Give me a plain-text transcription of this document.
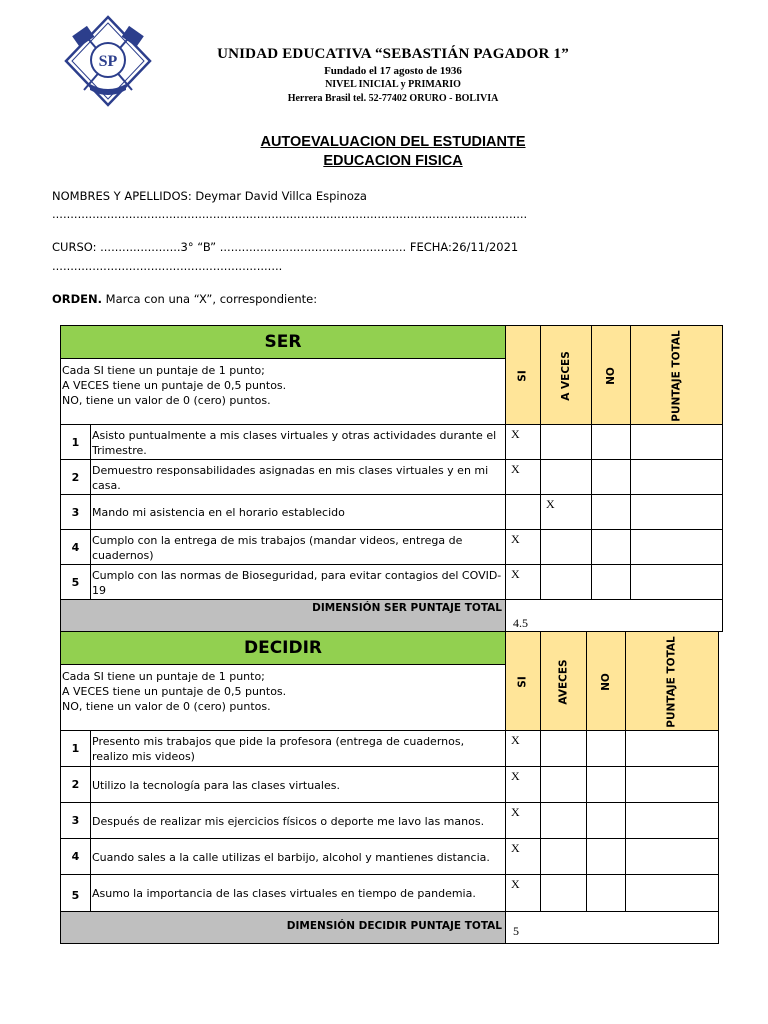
SP	UNIDAD EDUCATIVA “SEBASTIÁN PAGADOR 1”
Fundado el 17 agosto de 1936
NIVEL INICIAL y PRIMARIO
Herrera Brasil tel. 52-77402 ORURO - BOLIVIA
AUTOEVALUACION DEL ESTUDIANTE
EDUCACION FISICA
NOMBRES Y APELLIDOS: Deymar David Villca Espinoza
..................................................................................................................................
CURSO: ......................3° “B” ................................................... FECHA:26/11/2021
...............................................................
ORDEN. Marca con una “X”, correspondiente:
SER		SI	A VECES	NO	PUNTAJE TOTAL

Cada SI tiene un puntaje de 1 punto;
A VECES tiene un puntaje de 0,5 puntos.
NO, tiene un valor de 0 (cero) puntos.					

1	Asisto puntualmente a mis clases virtuales y otras actividades durante el Trimestre.	X			
2	Demuestro responsabilidades asignadas en mis clases virtuales y en mi casa.	X			
3	Mando mi asistencia en el horario establecido		X		
4	Cumplo con la entrega de mis trabajos (mandar videos, entrega de cuadernos)	X			
5	Cumplo con las normas de Bioseguridad, para evitar contagios del COVID-19	X			
DIMENSIÓN SER PUNTAJE TOTAL		4.5			
DECIDIR		SI	AVECES	NO	PUNTAJE TOTAL

Cada SI tiene un puntaje de 1 punto;
A VECES tiene un puntaje de 0,5 puntos.
NO, tiene un valor de 0 (cero) puntos.					

1	Presento mis trabajos que pide la profesora (entrega de cuadernos, realizo mis videos)	X			
2	Utilizo la tecnología para las clases virtuales.	X			
3	Después de realizar mis ejercicios físicos o deporte me lavo las manos.	X			
4	Cuando sales a la calle utilizas el barbijo, alcohol y mantienes distancia.	X			
5	Asumo la importancia de las clases virtuales en tiempo de pandemia.	X			
DIMENSIÓN DECIDIR PUNTAJE TOTAL		5			
